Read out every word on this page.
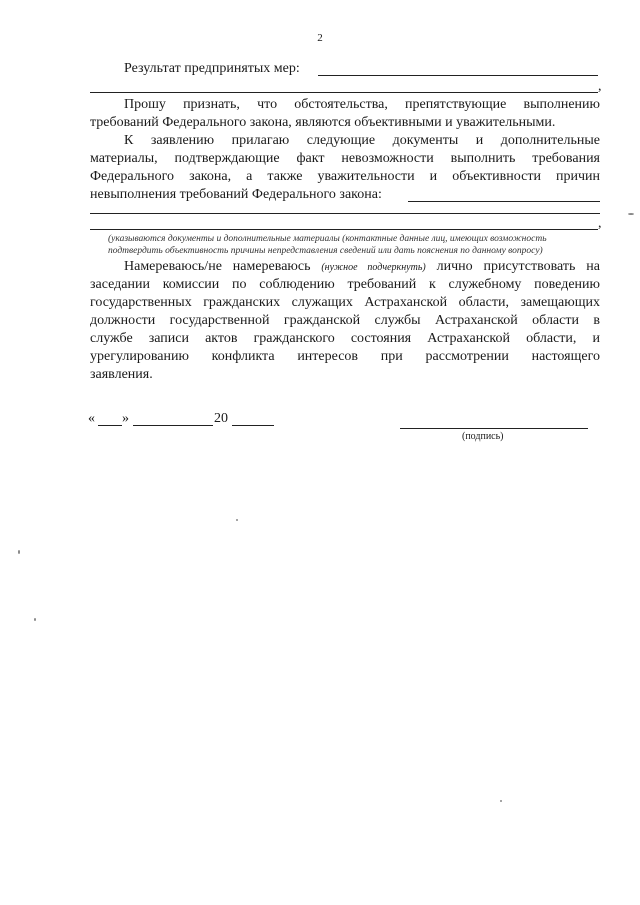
2
Результат предпринятых мер:
,
Прошу признать, что обстоятельства, препятствующие выполнению
требований Федерального закона, являются объективными и уважительными.
К заявлению прилагаю следующие документы и дополнительные
материалы, подтверждающие факт невозможности выполнить требования
Федерального закона, а также уважительности и объективности причин
невыполнения требований Федерального закона:
,
(указываются документы и дополнительные материалы (контактные данные лиц, имеющих возможность
подтвердить объективность причины непредставления сведений или дать пояснения по данному вопросу)
Намереваюсь/не намереваюсь (нужное подчеркнуть) лично присутствовать на
заседании комиссии по соблюдению требований к служебному поведению
государственных гражданских служащих Астраханской области, замещающих
должности государственной гражданской службы Астраханской области в
службе записи актов гражданского состояния Астраханской области, и
урегулированию конфликта интересов при рассмотрении настоящего
заявления.
« »	20
(подпись)
